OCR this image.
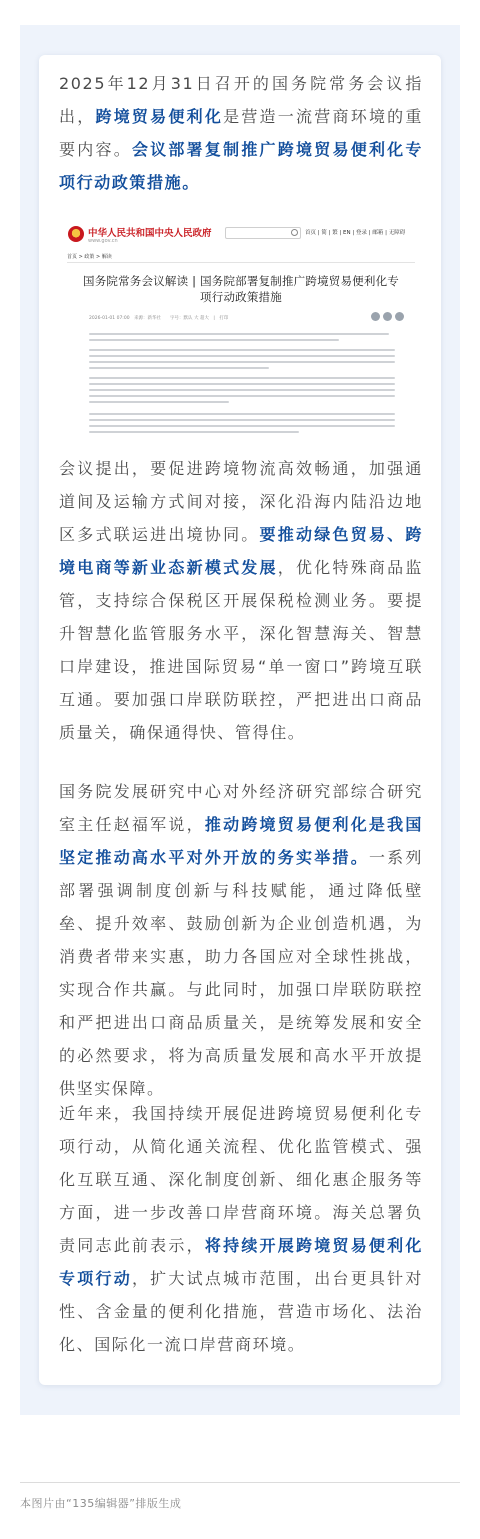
2025年12月31日召开的国务院常务会议指出，跨境贸易便利化是营造一流营商环境的重要内容。会议部署复制推广跨境贸易便利化专项行动政策措施。

中华人民共和国中央人民政府
www.gov.cn
首页 | 简 | 繁 | EN | 登录 | 邮箱 | 无障碍
首页 > 政策 > 解读
国务院常务会议解读 | 国务院部署复制推广跨境贸易便利化专项行动政策措施
2026-01-01 07:00　来源：新华社　　字号：默认 大 超大　|　打印

会议提出，要促进跨境物流高效畅通，加强通道间及运输方式间对接，深化沿海内陆沿边地区多式联运进出境协同。要推动绿色贸易、跨境电商等新业态新模式发展，优化特殊商品监管，支持综合保税区开展保税检测业务。要提升智慧化监管服务水平，深化智慧海关、智慧口岸建设，推进国际贸易“单一窗口”跨境互联互通。要加强口岸联防联控，严把进出口商品质量关，确保通得快、管得住。

国务院发展研究中心对外经济研究部综合研究室主任赵福军说，推动跨境贸易便利化是我国坚定推动高水平对外开放的务实举措。一系列部署强调制度创新与科技赋能，通过降低壁垒、提升效率、鼓励创新为企业创造机遇，为消费者带来实惠，助力各国应对全球性挑战，实现合作共赢。与此同时，加强口岸联防联控和严把进出口商品质量关，是统筹发展和安全的必然要求，将为高质量发展和高水平开放提供坚实保障。

近年来，我国持续开展促进跨境贸易便利化专项行动，从简化通关流程、优化监管模式、强化互联互通、深化制度创新、细化惠企服务等方面，进一步改善口岸营商环境。海关总署负责同志此前表示，将持续开展跨境贸易便利化专项行动，扩大试点城市范围，出台更具针对性、含金量的便利化措施，营造市场化、法治化、国际化一流口岸营商环境。

本图片由“135编辑器”排版生成
